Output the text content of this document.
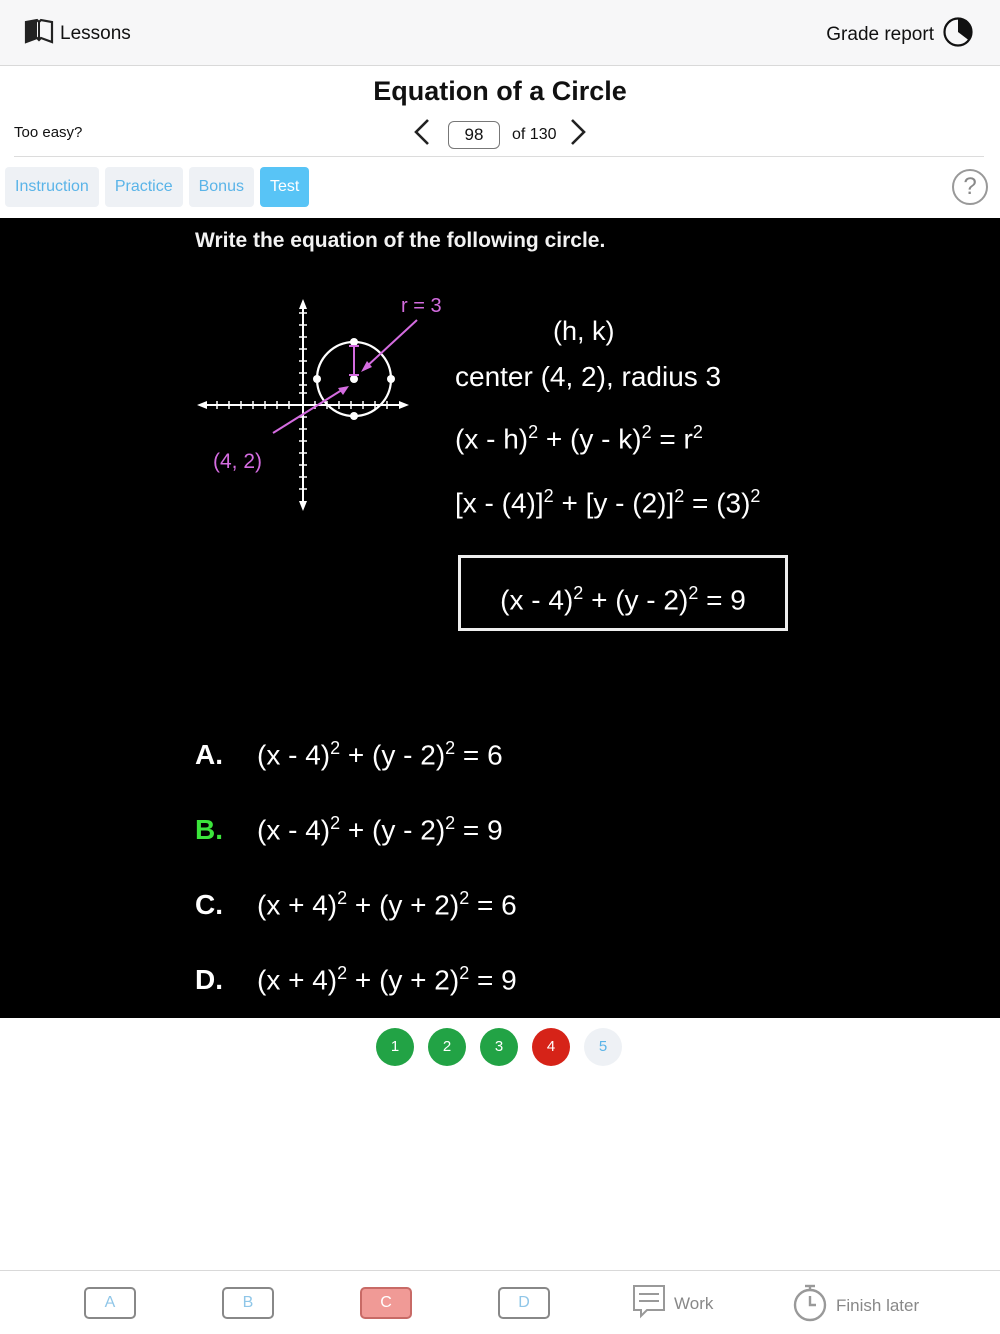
Lessons	Grade report
Equation of a Circle
Too easy?	98	of 130
Instruction	Practice	Bonus	Test	?
Write the equation of the following circle.
r = 3
(4, 2)
(h, k)
center (4, 2), radius 3
$(x - h)^2 + (y - k)^2 = r^2$
$[x - (4)]^2 + [y - (2)]^2 = (3)^2$
(x - 4)$^2$ + (y - 2)$^2$ = 9
A.	(x - 4)$^2$ + (y - 2)$^2$ = 6
B.	(x - 4)$^2$ + (y - 2)$^2$ = 9
C.	$(x + 4)^2 + (y + 2)^2 = 6$
D.	$(x + 4)^2 + (y + 2)^2 = 9$
1	2	3	4	5
A	B	C	D	Work	Finish later
